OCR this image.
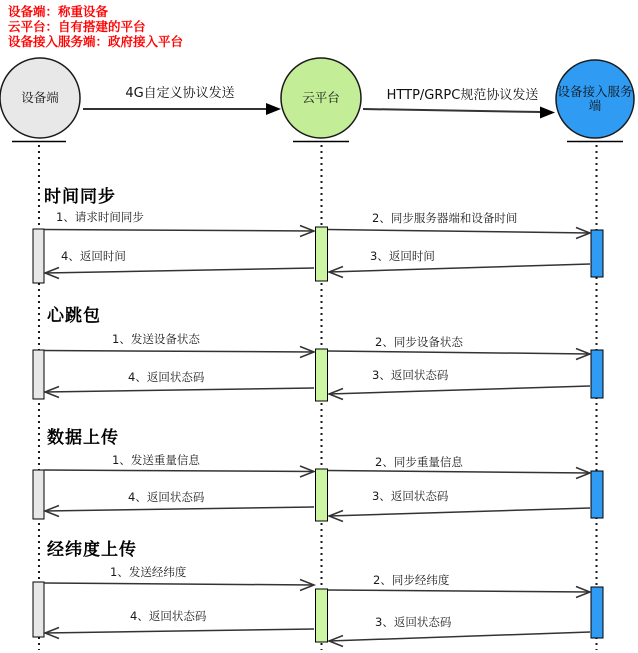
设备端：称重设备
云平台：自有搭建的平台
设备接入服务端：政府接入平台
设备端	云平台	设备接入服务端
4G自定义协议发送	HTTP/GRPC规范协议发送
时间同步
1、请求时间同步	2、同步服务器端和设备时间
3、返回时间
4、返回时间
心跳包
1、发送设备状态	2、同步设备状态
3、返回状态码
4、返回状态码
数据上传
1、发送重量信息	2、同步重量信息
3、返回状态码
4、返回状态码
经纬度上传
1、发送经纬度
2、同步经纬度
3、返回状态码
4、返回状态码
